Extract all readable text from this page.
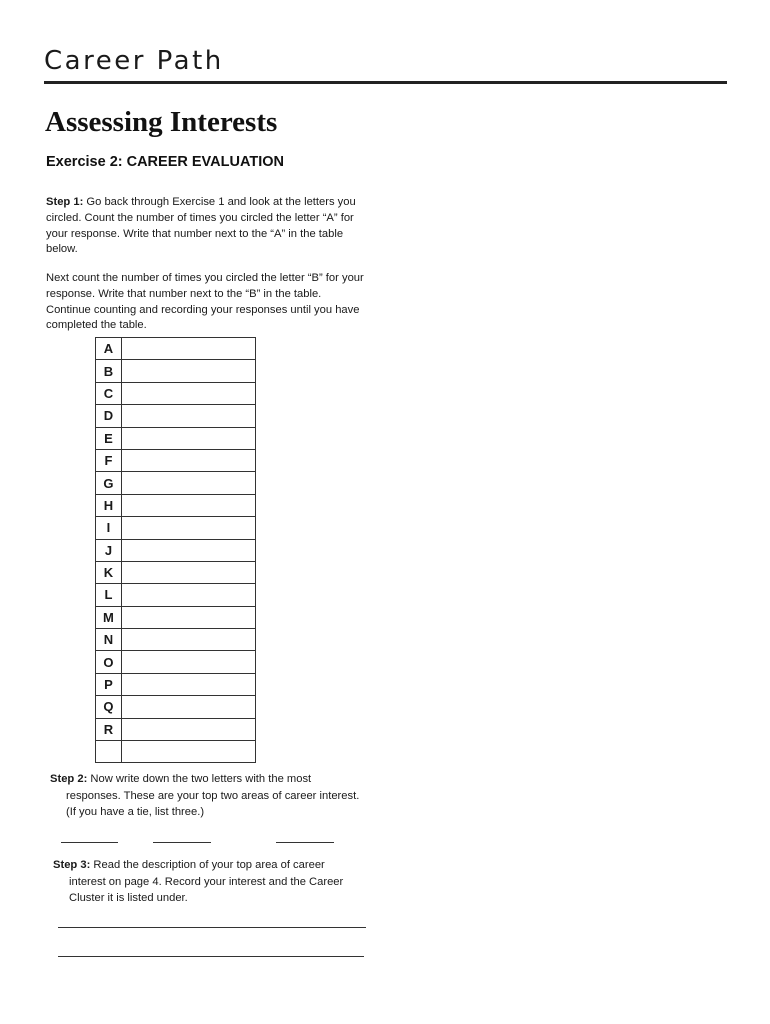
Career Path
Assessing Interests
Exercise 2: CAREER EVALUATION
Step 1: Go back through Exercise 1 and look at the letters you circled. Count the number of times you circled the letter “A” for your response. Write that number next to the “A” in the table below.
Next count the number of times you circled the letter “B” for your response. Write that number next to the “B” in the table. Continue counting and recording your responses until you have completed the table.
A	
B	
C	
D	
E	
F	
G	
H	
I	
J	
K	
L	
M	
N	
O	
P	
Q	
R	

Step 2: Now write down the two letters with the most
responses. These are your top two areas of career interest.
(If you have a tie, list three.)
Step 3: Read the description of your top area of career
interest on page 4. Record your interest and the Career
Cluster it is listed under.
